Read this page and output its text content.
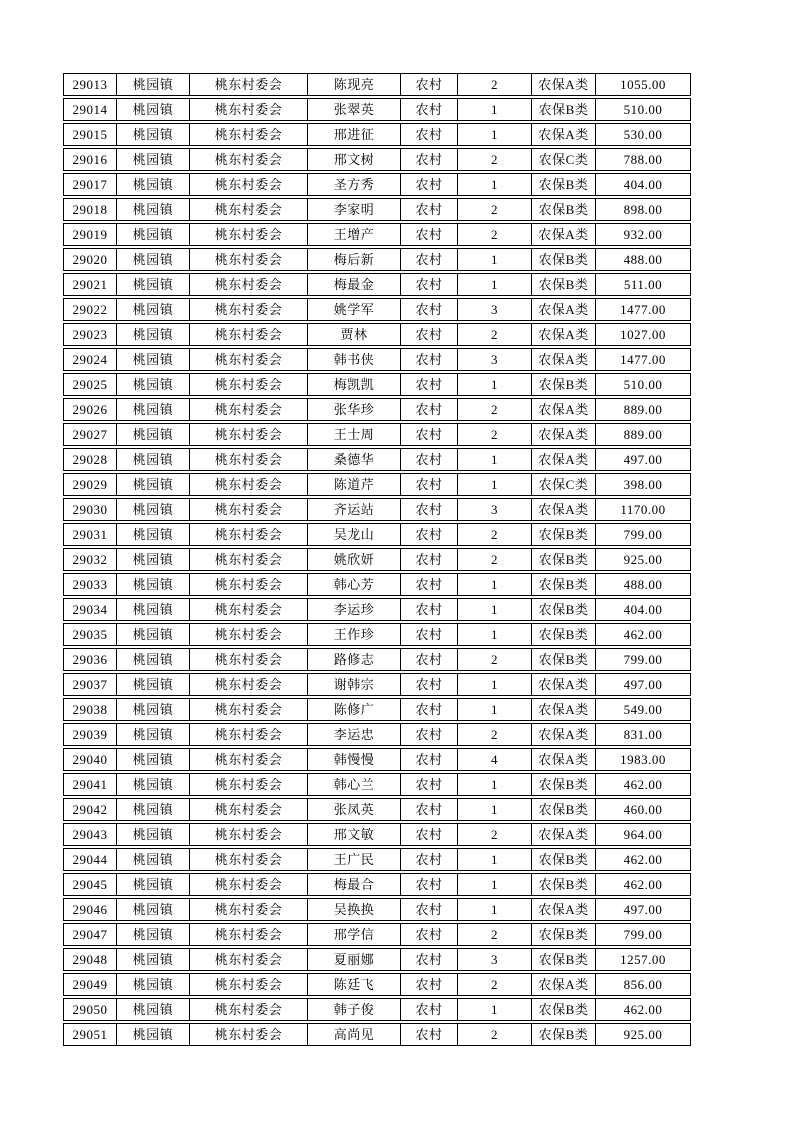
29013	桃园镇	桃东村委会	陈现亮	农村	2	农保A类	1055.00
29014	桃园镇	桃东村委会	张翠英	农村	1	农保B类	510.00
29015	桃园镇	桃东村委会	邢进征	农村	1	农保A类	530.00
29016	桃园镇	桃东村委会	邢文树	农村	2	农保C类	788.00
29017	桃园镇	桃东村委会	圣方秀	农村	1	农保B类	404.00
29018	桃园镇	桃东村委会	李家明	农村	2	农保B类	898.00
29019	桃园镇	桃东村委会	王增产	农村	2	农保A类	932.00
29020	桃园镇	桃东村委会	梅后新	农村	1	农保B类	488.00
29021	桃园镇	桃东村委会	梅最金	农村	1	农保B类	511.00
29022	桃园镇	桃东村委会	姚学军	农村	3	农保A类	1477.00
29023	桃园镇	桃东村委会	贾林	农村	2	农保A类	1027.00
29024	桃园镇	桃东村委会	韩书侠	农村	3	农保A类	1477.00
29025	桃园镇	桃东村委会	梅凯凯	农村	1	农保B类	510.00
29026	桃园镇	桃东村委会	张华珍	农村	2	农保A类	889.00
29027	桃园镇	桃东村委会	王士周	农村	2	农保A类	889.00
29028	桃园镇	桃东村委会	桑德华	农村	1	农保A类	497.00
29029	桃园镇	桃东村委会	陈道芹	农村	1	农保C类	398.00
29030	桃园镇	桃东村委会	齐运站	农村	3	农保A类	1170.00
29031	桃园镇	桃东村委会	吴龙山	农村	2	农保B类	799.00
29032	桃园镇	桃东村委会	姚欣妍	农村	2	农保B类	925.00
29033	桃园镇	桃东村委会	韩心芳	农村	1	农保B类	488.00
29034	桃园镇	桃东村委会	李运珍	农村	1	农保B类	404.00
29035	桃园镇	桃东村委会	王作珍	农村	1	农保B类	462.00
29036	桃园镇	桃东村委会	路修志	农村	2	农保B类	799.00
29037	桃园镇	桃东村委会	谢韩宗	农村	1	农保A类	497.00
29038	桃园镇	桃东村委会	陈修广	农村	1	农保A类	549.00
29039	桃园镇	桃东村委会	李运忠	农村	2	农保A类	831.00
29040	桃园镇	桃东村委会	韩慢慢	农村	4	农保A类	1983.00
29041	桃园镇	桃东村委会	韩心兰	农村	1	农保B类	462.00
29042	桃园镇	桃东村委会	张凤英	农村	1	农保B类	460.00
29043	桃园镇	桃东村委会	邢文敏	农村	2	农保A类	964.00
29044	桃园镇	桃东村委会	王广民	农村	1	农保B类	462.00
29045	桃园镇	桃东村委会	梅最合	农村	1	农保B类	462.00
29046	桃园镇	桃东村委会	吴换换	农村	1	农保A类	497.00
29047	桃园镇	桃东村委会	邢学信	农村	2	农保B类	799.00
29048	桃园镇	桃东村委会	夏丽娜	农村	3	农保B类	1257.00
29049	桃园镇	桃东村委会	陈廷飞	农村	2	农保A类	856.00
29050	桃园镇	桃东村委会	韩子俊	农村	1	农保B类	462.00
29051	桃园镇	桃东村委会	高尚见	农村	2	农保B类	925.00
